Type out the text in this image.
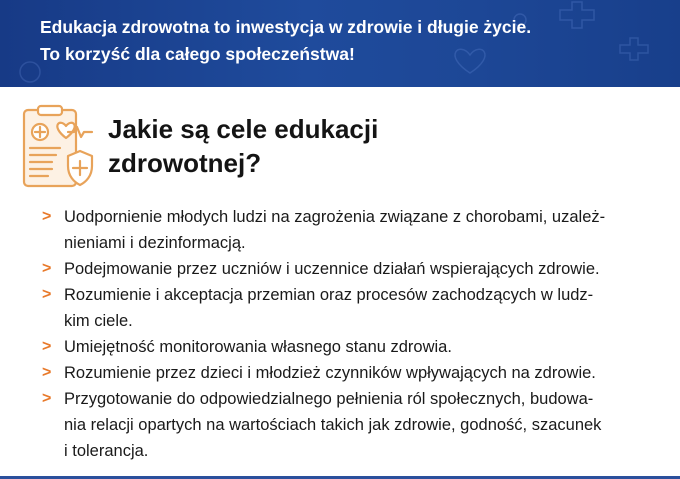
Edukacja zdrowotna to inwestycja w zdrowie i długie życie.
To korzyść dla całego społeczeństwa!
Jakie są cele edukacji
zdrowotnej?
> Uodpornienie młodych ludzi na zagrożenia związane z chorobami, uzależ-
nieniami i dezinformacją.
> Podejmowanie przez uczniów i uczennice działań wspierających zdrowie.
> Rozumienie i akceptacja przemian oraz procesów zachodzących w ludz-
kim ciele.
> Umiejętność monitorowania własnego stanu zdrowia.
> Rozumienie przez dzieci i młodzież czynników wpływających na zdrowie.
> Przygotowanie do odpowiedzialnego pełnienia ról społecznych, budowa-
nia relacji opartych na wartościach takich jak zdrowie, godność, szacunek
i tolerancja.
